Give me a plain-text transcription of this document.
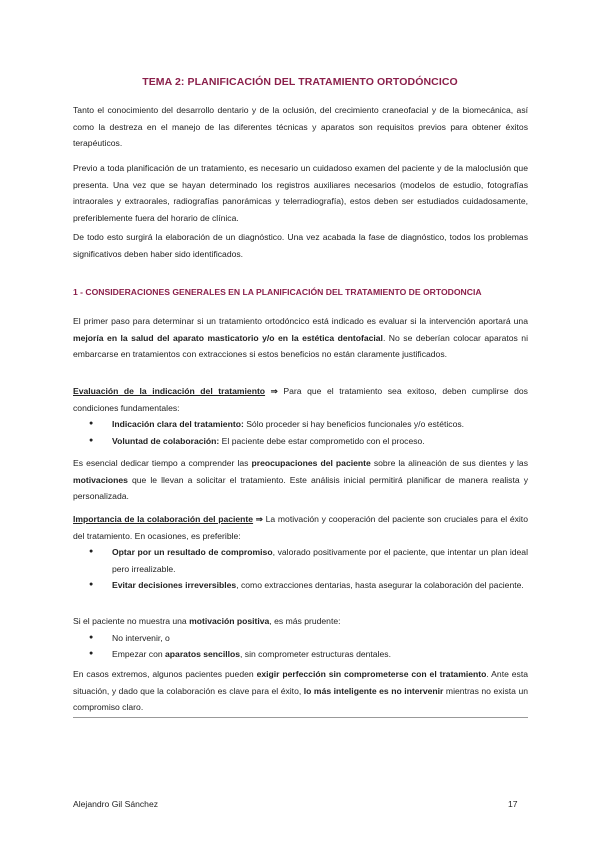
TEMA 2: PLANIFICACIÓN DEL TRATAMIENTO ORTODÓNCICO

Tanto el conocimiento del desarrollo dentario y de la oclusión, del crecimiento craneofacial y de la biomecánica, así como la destreza en el manejo de las diferentes técnicas y aparatos son requisitos previos para obtener éxitos terapéuticos.

Previo a toda planificación de un tratamiento, es necesario un cuidadoso examen del paciente y de la maloclusión que presenta. Una vez que se hayan determinado los registros auxiliares necesarios (modelos de estudio, fotografías intraorales y extraorales, radiografías panorámicas y telerradiografía), estos deben ser estudiados cuidadosamente, preferiblemente fuera del horario de clínica.

De todo esto surgirá la elaboración de un diagnóstico. Una vez acabada la fase de diagnóstico, todos los problemas significativos deben haber sido identificados.

1 - CONSIDERACIONES GENERALES EN LA PLANIFICACIÓN DEL TRATAMIENTO DE ORTODONCIA

El primer paso para determinar si un tratamiento ortodóncico está indicado es evaluar si la intervención aportará una mejoría en la salud del aparato masticatorio y/o en la estética dentofacial. No se deberían colocar aparatos ni embarcarse en tratamientos con extracciones si estos beneficios no están claramente justificados.

Evaluación de la indicación del tratamiento ⇒ Para que el tratamiento sea exitoso, deben cumplirse dos condiciones fundamentales:

● Indicación clara del tratamiento: Sólo proceder si hay beneficios funcionales y/o estéticos.
● Voluntad de colaboración: El paciente debe estar comprometido con el proceso.

Es esencial dedicar tiempo a comprender las preocupaciones del paciente sobre la alineación de sus dientes y las motivaciones que le llevan a solicitar el tratamiento. Este análisis inicial permitirá planificar de manera realista y personalizada.

Importancia de la colaboración del paciente ⇒ La motivación y cooperación del paciente son cruciales para el éxito del tratamiento. En ocasiones, es preferible:

● Optar por un resultado de compromiso, valorado positivamente por el paciente, que intentar un plan ideal pero irrealizable.
● Evitar decisiones irreversibles, como extracciones dentarias, hasta asegurar la colaboración del paciente.

Si el paciente no muestra una motivación positiva, es más prudente:

● No intervenir, o
● Empezar con aparatos sencillos, sin comprometer estructuras dentales.

En casos extremos, algunos pacientes pueden exigir perfección sin comprometerse con el tratamiento. Ante esta situación, y dado que la colaboración es clave para el éxito, lo más inteligente es no intervenir mientras no exista un compromiso claro.

Alejandro Gil Sánchez	17
